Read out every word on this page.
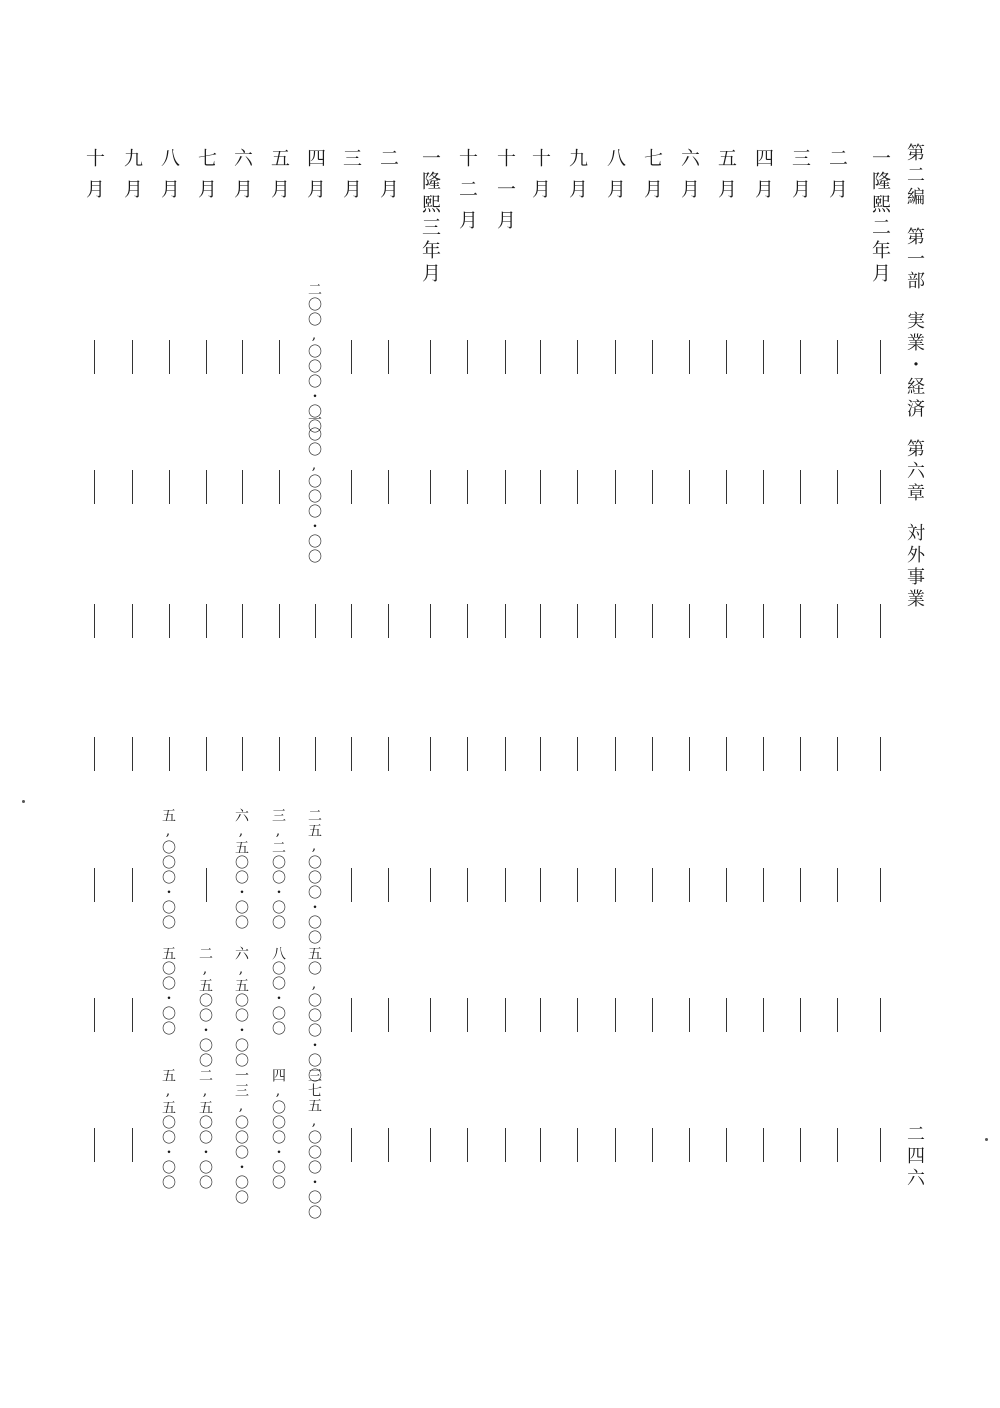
第二編第一部実業・経済第六章対外事業
一隆熙二年月
二月
三月
四月
五月
六月
七月
八月
九月
十月
十一月
十二月
一隆熙三年月
二月
三月
四月
二〇〇,〇〇〇・〇〇
一〇〇,〇〇〇・〇〇
二五,〇〇〇・〇〇
五〇,〇〇〇・〇〇
三七五,〇〇〇・〇〇
五月
三,二〇〇・〇〇
八〇〇・〇〇
四,〇〇〇・〇〇
六月
六,五〇〇・〇〇
六,五〇〇・〇〇
一三,〇〇〇・〇〇
七月
二,五〇〇・〇〇
二,五〇〇・〇〇
八月
五,〇〇〇・〇〇
五〇〇・〇〇
五,五〇〇・〇〇
九月
十月
二四六
